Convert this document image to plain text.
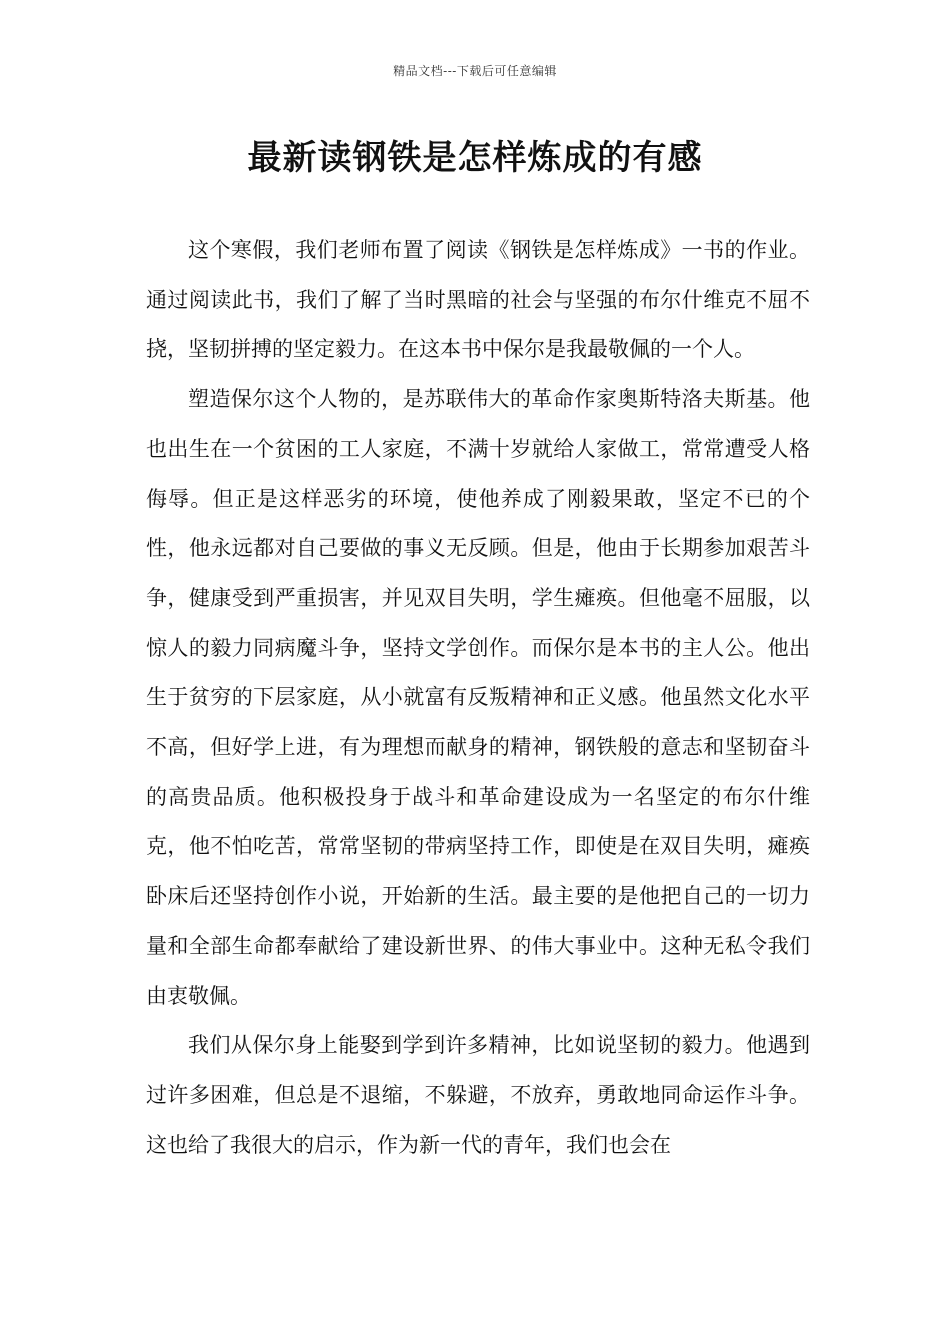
精品文档---下载后可任意编辑
最新读钢铁是怎样炼成的有感

这个寒假，我们老师布置了阅读《钢铁是怎样炼成》一书的作业。通过阅读此书，我们了解了当时黑暗的社会与坚强的布尔什维克不屈不挠，坚韧拼搏的坚定毅力。在这本书中保尔是我最敬佩的一个人。

塑造保尔这个人物的，是苏联伟大的革命作家奥斯特洛夫斯基。他也出生在一个贫困的工人家庭，不满十岁就给人家做工，常常遭受人格侮辱。但正是这样恶劣的环境，使他养成了刚毅果敢，坚定不已的个性，他永远都对自己要做的事义无反顾。但是，他由于长期参加艰苦斗争，健康受到严重损害，并见双目失明，学生瘫痪。但他毫不屈服，以惊人的毅力同病魔斗争，坚持文学创作。而保尔是本书的主人公。他出生于贫穷的下层家庭，从小就富有反叛精神和正义感。他虽然文化水平不高，但好学上进，有为理想而献身的精神，钢铁般的意志和坚韧奋斗的高贵品质。他积极投身于战斗和革命建设成为一名坚定的布尔什维克，他不怕吃苦，常常坚韧的带病坚持工作，即使是在双目失明，瘫痪卧床后还坚持创作小说，开始新的生活。最主要的是他把自己的一切力量和全部生命都奉献给了建设新世界、的伟大事业中。这种无私令我们由衷敬佩。

我们从保尔身上能娶到学到许多精神，比如说坚韧的毅力。他遇到过许多困难，但总是不退缩，不躲避，不放弃，勇敢地同命运作斗争。这也给了我很大的启示，作为新一代的青年，我们也会在
